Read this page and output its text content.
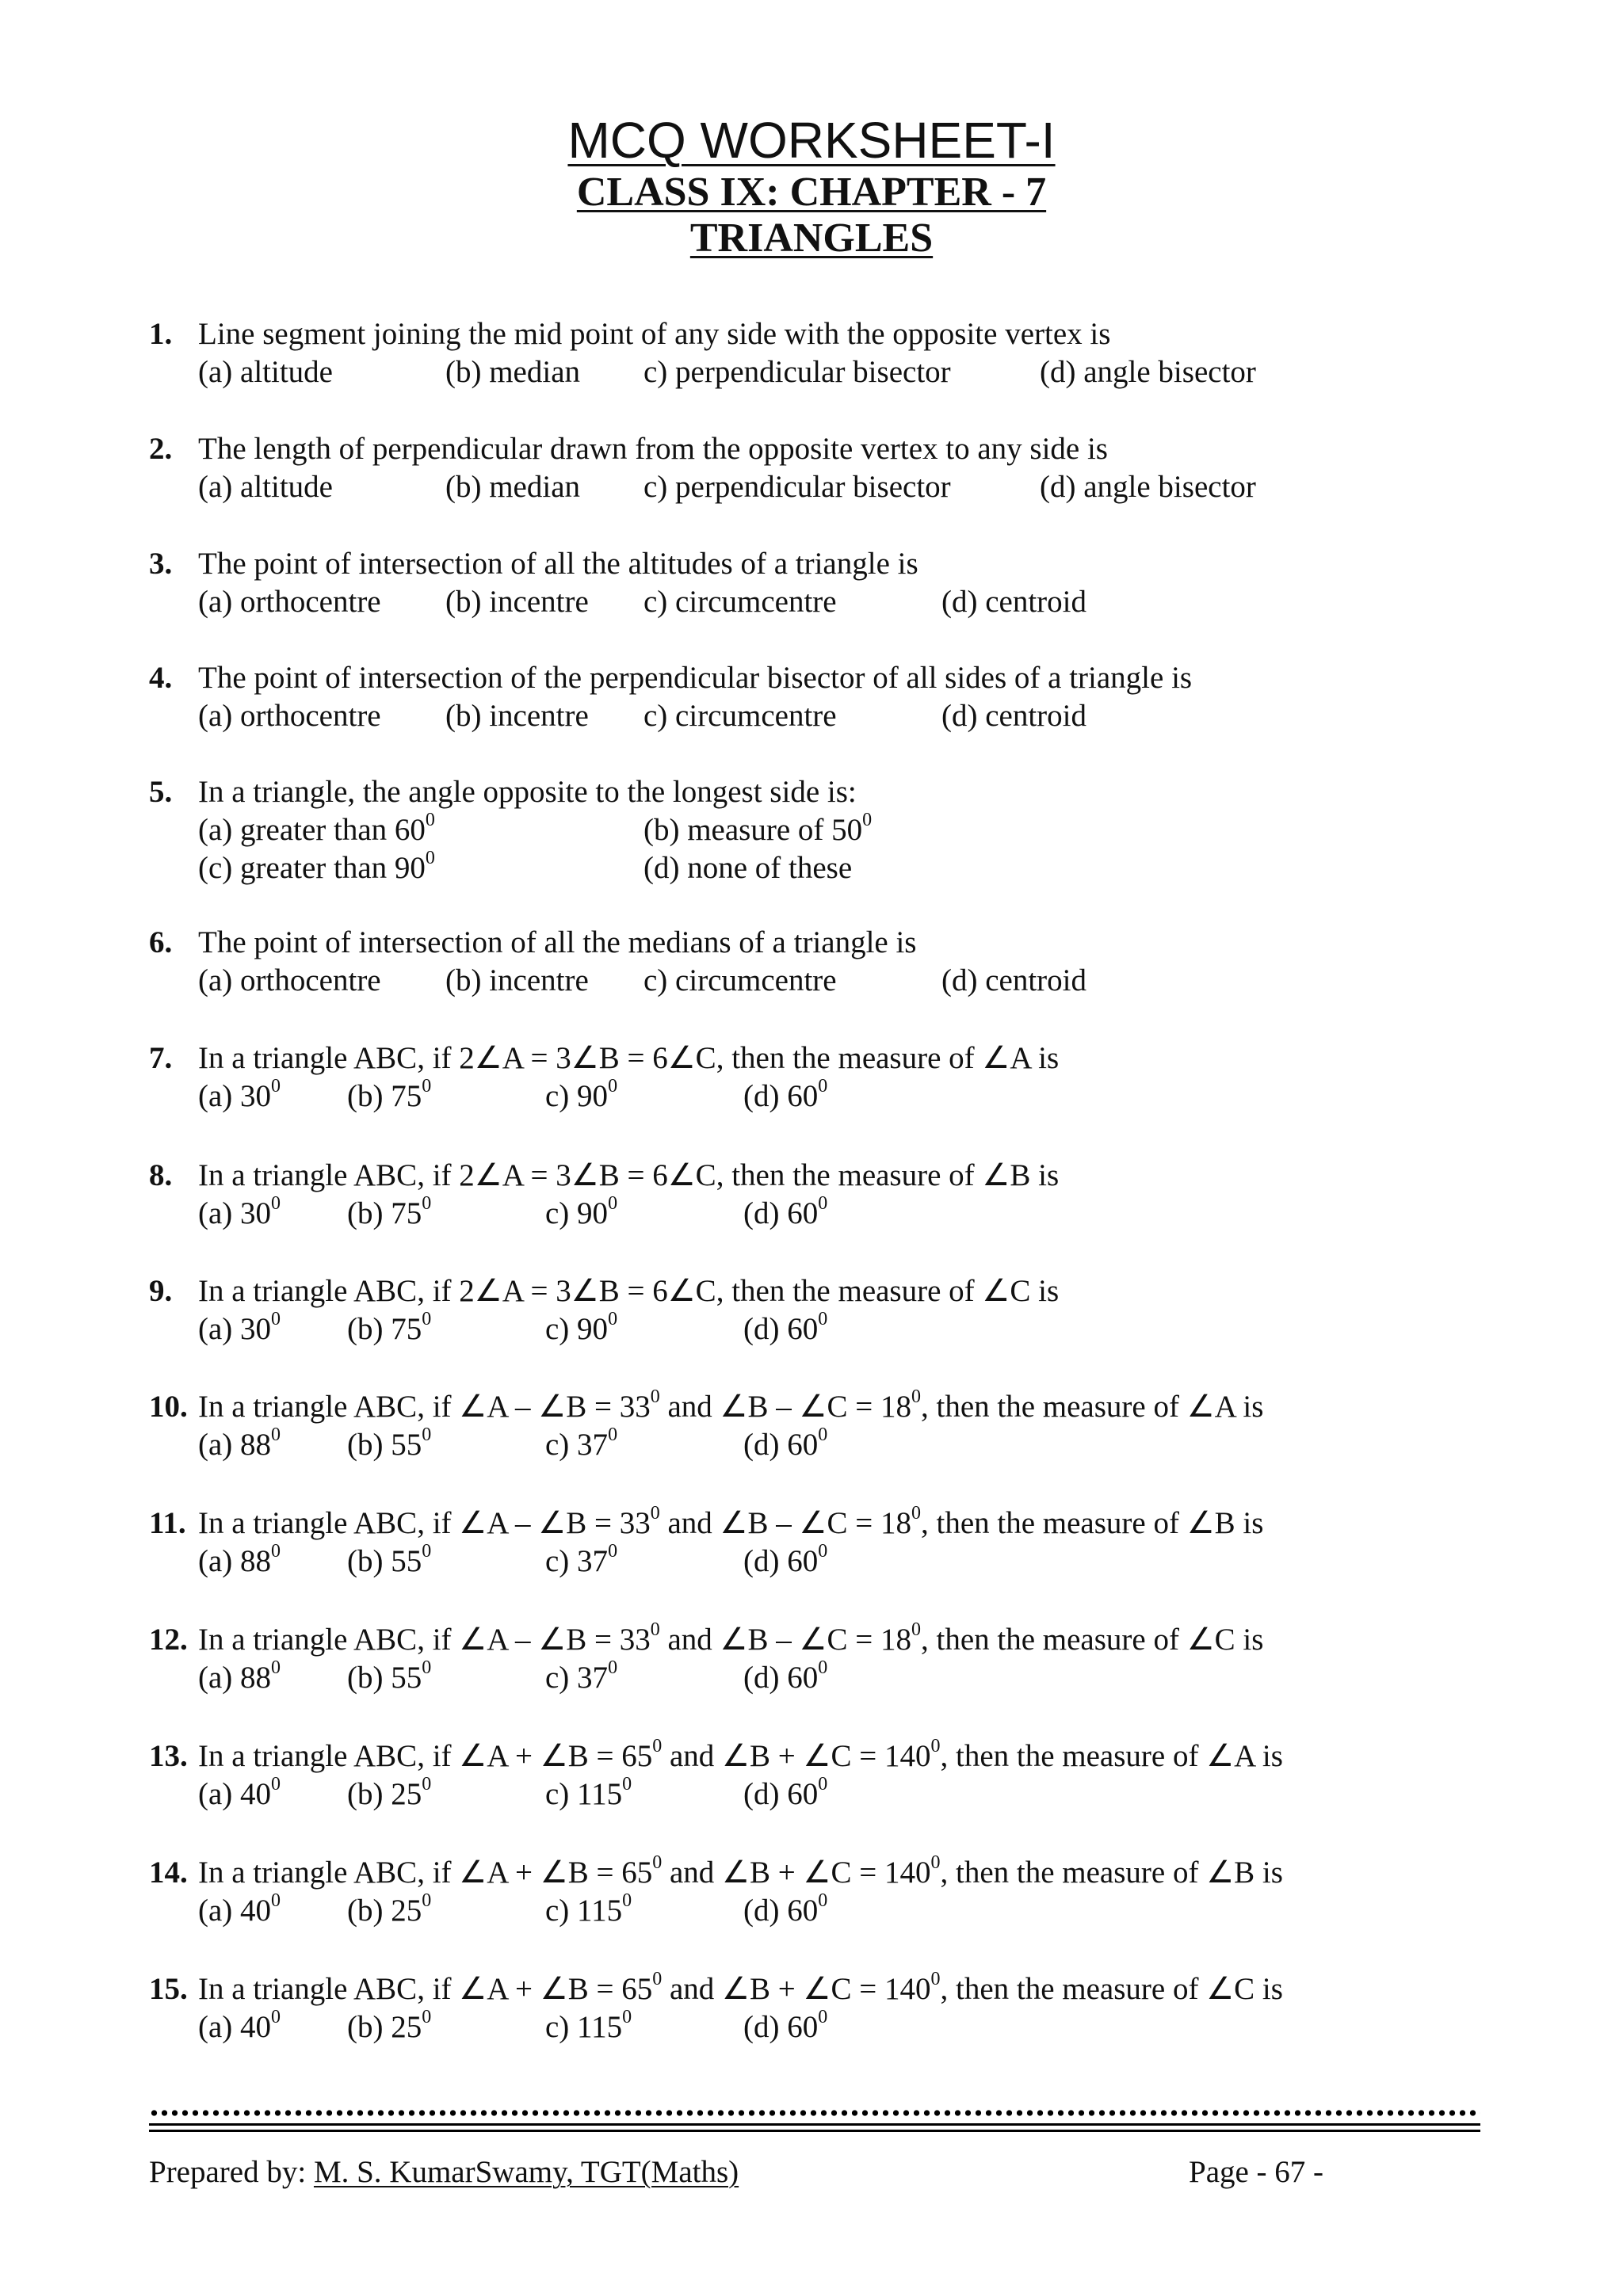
MCQ WORKSHEET-I
CLASS IX: CHAPTER - 7
TRIANGLES
1. Line segment joining the mid point of any side with the opposite vertex is
(a) altitude	(b) median c) perpendicular bisector	(d) angle bisector
2. The length of perpendicular drawn from the opposite vertex to any side is
(a) altitude	(b) median c) perpendicular bisector	(d) angle bisector
3. The point of intersection of all the altitudes of a triangle is
(a) orthocentre (b) incentre c) circumcentre	(d) centroid
4. The point of intersection of the perpendicular bisector of all sides of a triangle is
(a) orthocentre (b) incentre c) circumcentre	(d) centroid
5. In a triangle, the angle opposite to the longest side is:
(a) greater than $60^0$	(b) measure of $50^0$
(c) greater than $90^0$	(d) none of these
6. The point of intersection of all the medians of a triangle is
(a) orthocentre (b) incentre c) circumcentre	(d) centroid
7. In a triangle ABC, if 2∠A = 3∠B = 6∠C, then the measure of ∠A is
(a) $30^0$ (b) $75^0$	c) $90^0$	(d) $60^0$
8. In a triangle ABC, if 2∠A = 3∠B = 6∠C, then the measure of ∠B is
(a) $30^0$ (b) $75^0$	c) $90^0$	(d) $60^0$
9. In a triangle ABC, if 2∠A = 3∠B = 6∠C, then the measure of ∠C is
(a) $30^0$ (b) $75^0$	c) $90^0$	(d) $60^0$
10. In a triangle ABC, if ∠A – ∠B = $33^0$ and ∠B – ∠C = $18^0$, then the measure of ∠A is
(a) $88^0$ (b) $55^0$	c) $37^0$	(d) $60^0$
11. In a triangle ABC, if ∠A – ∠B = $33^0$ and ∠B – ∠C = $18^0$, then the measure of ∠B is
(a) $88^0$ (b) $55^0$	c) $37^0$	(d) $60^0$
12. In a triangle ABC, if ∠A – ∠B = $33^0$ and ∠B – ∠C = $18^0$, then the measure of ∠C is
(a) $88^0$ (b) $55^0$	c) $37^0$	(d) $60^0$
13. In a triangle ABC, if ∠A + ∠B = $65^0$ and ∠B + ∠C = $140^0$, then the measure of ∠A is
(a) $40^0$ (b) $25^0$	c) $115^0$	(d) $60^0$
14. In a triangle ABC, if ∠A + ∠B = $65^0$ and ∠B + ∠C = $140^0$, then the measure of ∠B is
(a) $40^0$ (b) $25^0$	c) $115^0$	(d) $60^0$
15. In a triangle ABC, if ∠A + ∠B = $65^0$ and ∠B + ∠C = $140^0$, then the measure of ∠C is
(a) $40^0$ (b) $25^0$	c) $115^0$	(d) $60^0$
Prepared by: M. S. KumarSwamy, TGT(Maths)	Page - 67 -
